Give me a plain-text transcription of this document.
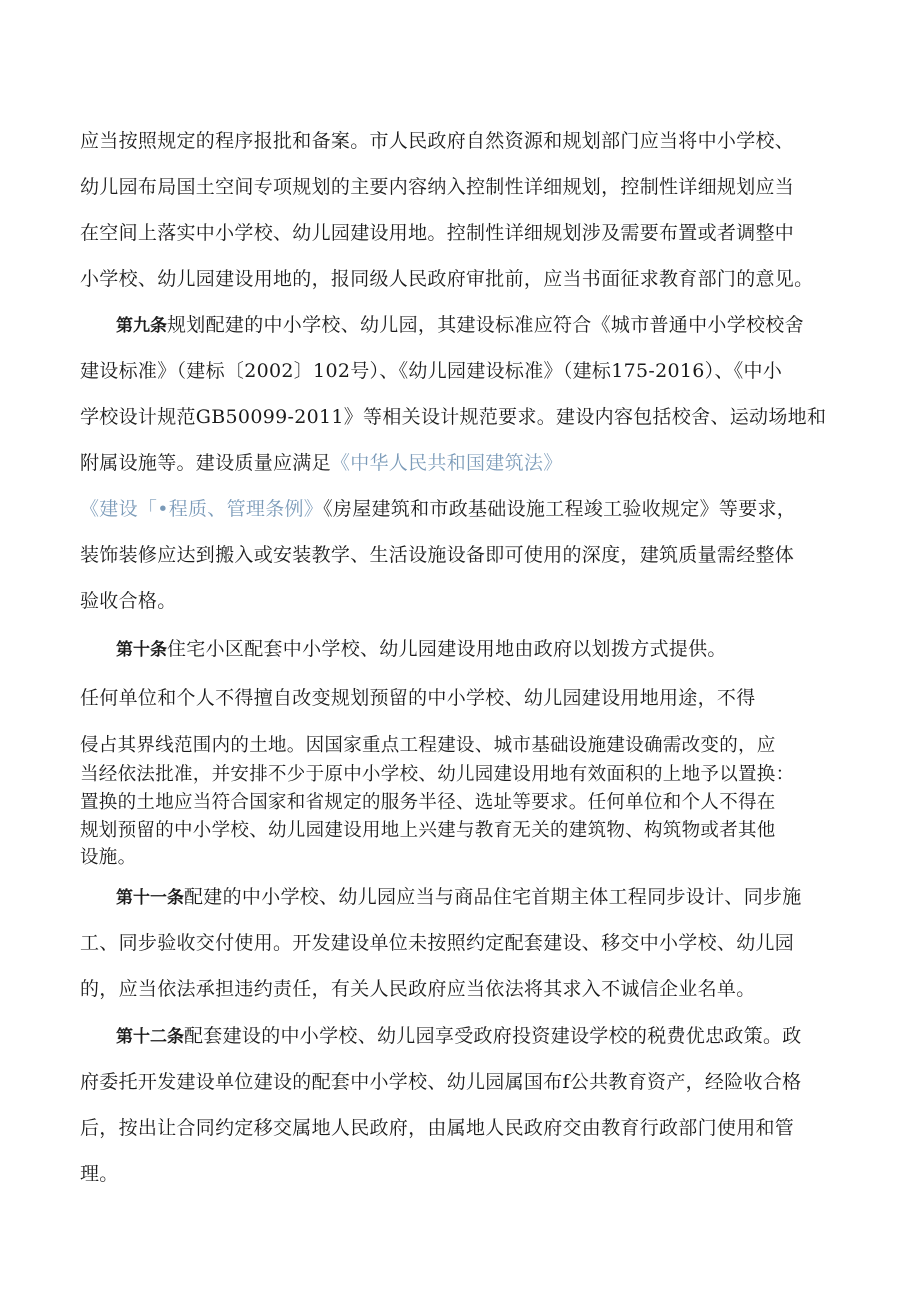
应当按照规定的程序报批和备案。市人民政府自然资源和规划部门应当将中小学校、
幼儿园布局国土空间专项规划的主要内容纳入控制性详细规划，控制性详细规划应当
在空间上落实中小学校、幼儿园建设用地。控制性详细规划涉及需要布置或者调整中
小学校、幼儿园建设用地的，报同级人民政府审批前，应当书面征求教育部门的意见。
第九条规划配建的中小学校、幼儿园，其建设标准应符合《城市普通中小学校校舍
建设标准》（建标〔2002〕102号）、《幼儿园建设标准》（建标175-2016）、《中小
学校设计规范GB50099-2011》等相关设计规范要求。建设内容包括校舍、运动场地和
附属设施等。建设质量应满足《中华人民共和国建筑法》
《建设「•程质、管理条例》《房屋建筑和市政基础设施工程竣工验收规定》等要求，
装饰装修应达到搬入或安装教学、生活设施设备即可使用的深度，建筑质量需经整体
验收合格。
第十条住宅小区配套中小学校、幼儿园建设用地由政府以划拨方式提供。
任何单位和个人不得擅自改变规划预留的中小学校、幼儿园建设用地用途，不得
侵占其界线范围内的土地。因国家重点工程建设、城市基础设施建设确需改变的，应
当经依法批准，并安排不少于原中小学校、幼儿园建设用地有效面积的上地予以置换：
置换的土地应当符合国家和省规定的服务半径、选址等要求。任何单位和个人不得在
规划预留的中小学校、幼儿园建设用地上兴建与教育无关的建筑物、构筑物或者其他
设施。
第十一条配建的中小学校、幼儿园应当与商品住宅首期主体工程同步设计、同步施
工、同步验收交付使用。开发建设单位未按照约定配套建设、移交中小学校、幼儿园
的，应当依法承担违约责任，有关人民政府应当依法将其求入不诚信企业名单。
第十二条配套建设的中小学校、幼儿园享受政府投资建设学校的税费优忠政策。政
府委托开发建设单位建设的配套中小学校、幼儿园属国布f公共教育资产，经险收合格
后，按出让合同约定移交属地人民政府，由属地人民政府交由教育行政部门使用和管
理。
